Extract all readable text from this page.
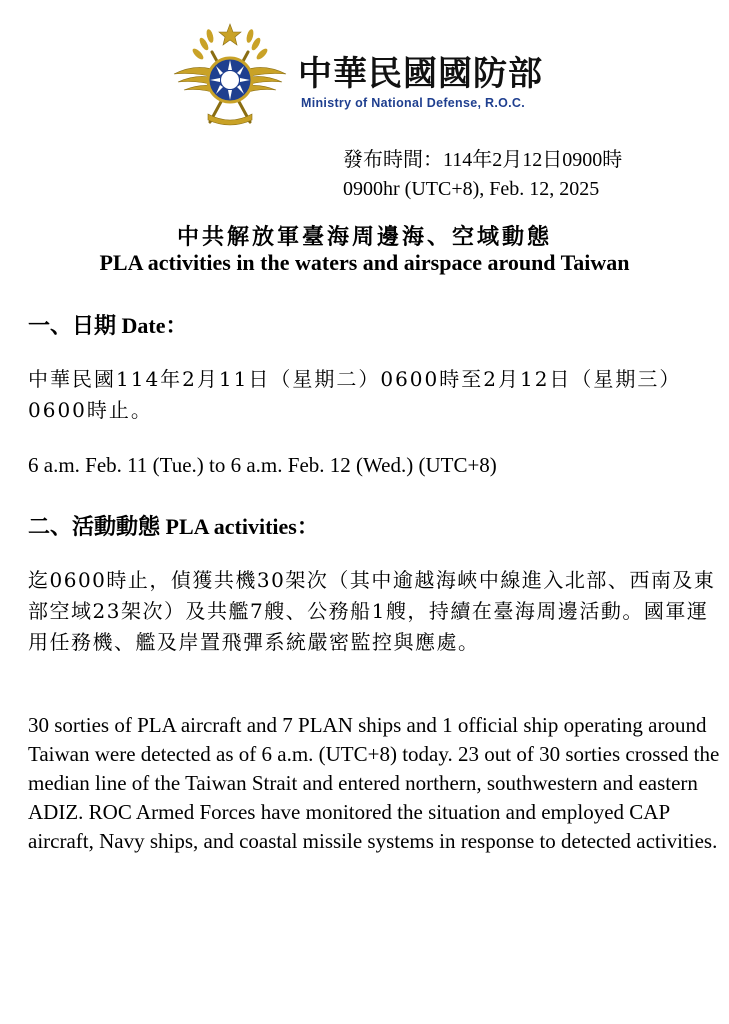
中華民國國防部
Ministry of National Defense, R.O.C.
發布時間：114年2月12日0900時
0900hr (UTC+8), Feb. 12, 2025
中共解放軍臺海周邊海、空域動態
PLA activities in the waters and airspace around Taiwan
一、日期 Date：
中華民國114年2月11日（星期二）0600時至2月12日（星期三）0600時止。
6 a.m. Feb. 11 (Tue.) to 6 a.m. Feb. 12 (Wed.) (UTC+8)
二、活動動態 PLA activities：
迄0600時止，偵獲共機30架次（其中逾越海峽中線進入北部、西南及東部空域23架次）及共艦7艘、公務船1艘，持續在臺海周邊活動。國軍運用任務機、艦及岸置飛彈系統嚴密監控與應處。
30 sorties of PLA aircraft and 7 PLAN ships and 1 official ship operating around Taiwan were detected as of 6 a.m. (UTC+8) today. 23 out of 30 sorties crossed the median line of the Taiwan Strait and entered northern, southwestern and eastern ADIZ. ROC Armed Forces have monitored the situation and employed CAP aircraft, Navy ships, and coastal missile systems in response to detected activities.
